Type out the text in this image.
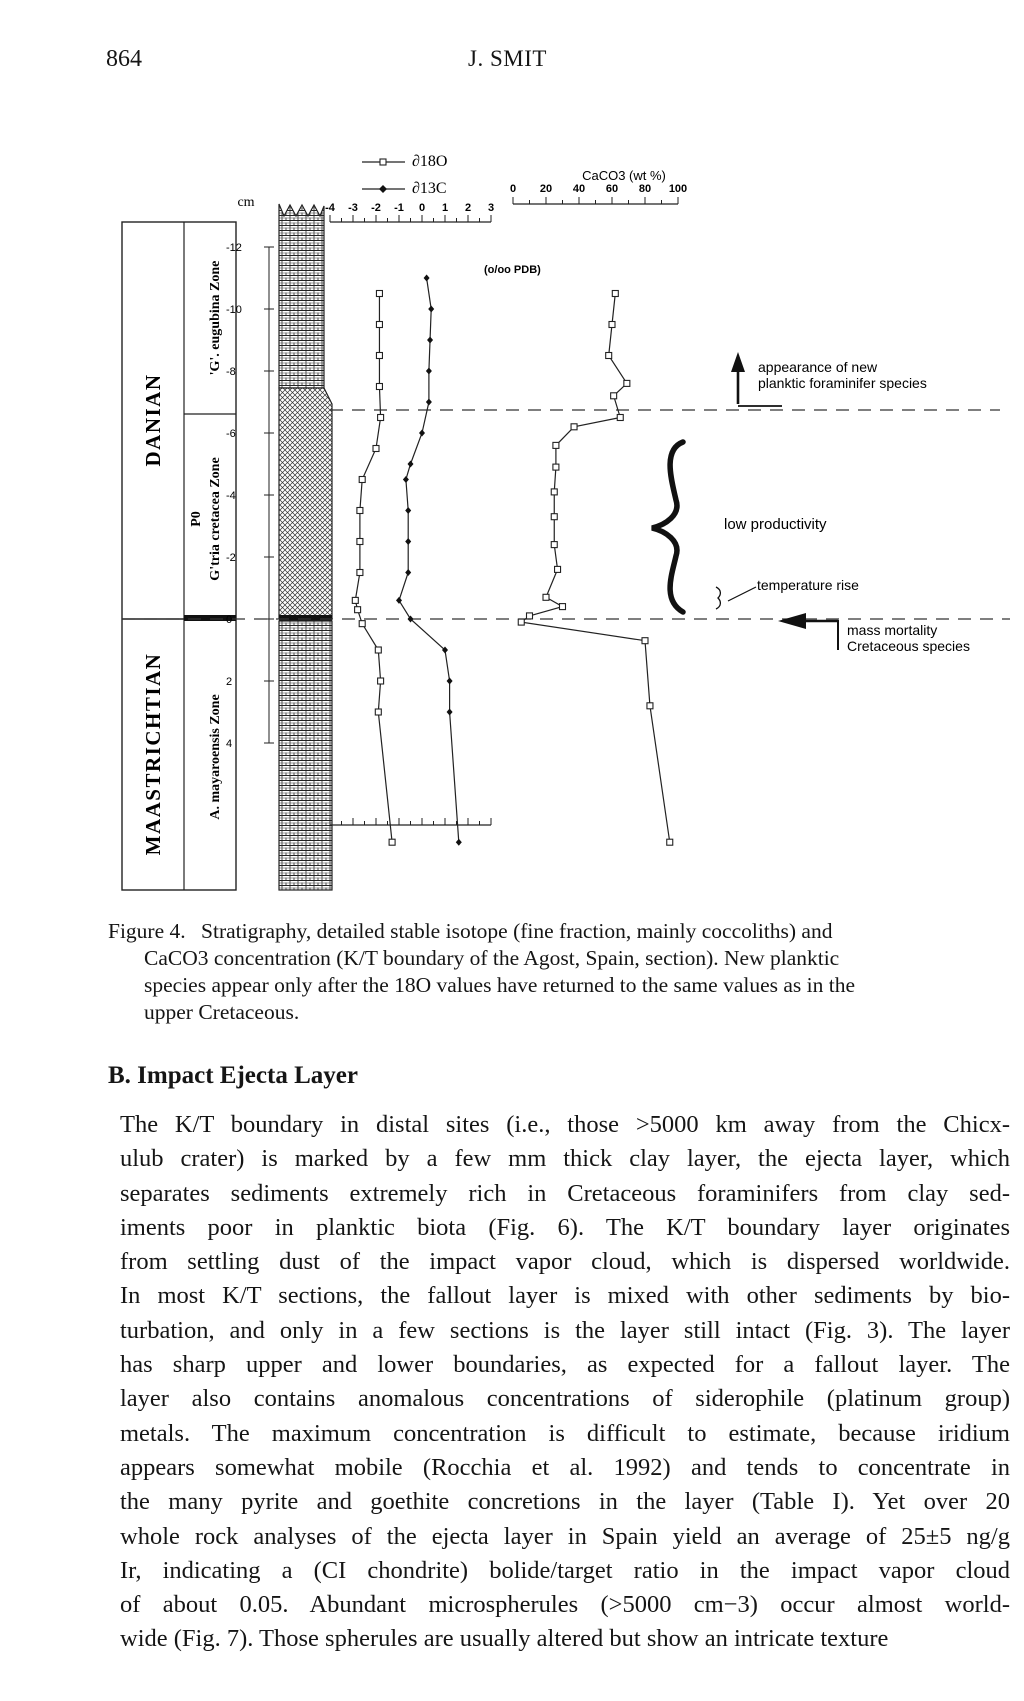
864	J. SMIT
DANIAN
MAASTRICHTIAN
'G'. eugubina Zone
P0 G'tria cretacea Zone
A. mayaroensis Zone
cm
-12
-10
-8
-6
-4
-2
0
2
4
∂18O
∂13C
(o/oo PDB)
CaCO3 (wt %)
-4 -3 -2 -1 0 1 2 3
0 20 40 60 80 100
appearance of new
planktic foraminifer species
low productivity
temperature rise
mass mortality
Cretaceous species
Figure 4. Stratigraphy, detailed stable isotope (fine fraction, mainly coccoliths) and
CaCO3 concentration (K/T boundary of the Agost, Spain, section). New planktic
species appear only after the 18O values have returned to the same values as in the
upper Cretaceous.
B. Impact Ejecta Layer
The K/T boundary in distal sites (i.e., those >5000 km away from the Chicx-
ulub crater) is marked by a few mm thick clay layer, the ejecta layer, which
separates sediments extremely rich in Cretaceous foraminifers from clay sed-
iments poor in planktic biota (Fig. 6). The K/T boundary layer originates
from settling dust of the impact vapor cloud, which is dispersed worldwide.
In most K/T sections, the fallout layer is mixed with other sediments by bio-
turbation, and only in a few sections is the layer still intact (Fig. 3). The layer
has sharp upper and lower boundaries, as expected for a fallout layer. The
layer also contains anomalous concentrations of siderophile (platinum group)
metals. The maximum concentration is difficult to estimate, because iridium
appears somewhat mobile (Rocchia et al. 1992) and tends to concentrate in
the many pyrite and goethite concretions in the layer (Table I). Yet over 20
whole rock analyses of the ejecta layer in Spain yield an average of 25±5 ng/g
Ir, indicating a (CI chondrite) bolide/target ratio in the impact vapor cloud
of about 0.05. Abundant microspherules (>5000 cm−3) occur almost world-
wide (Fig. 7). Those spherules are usually altered but show an intricate texture
